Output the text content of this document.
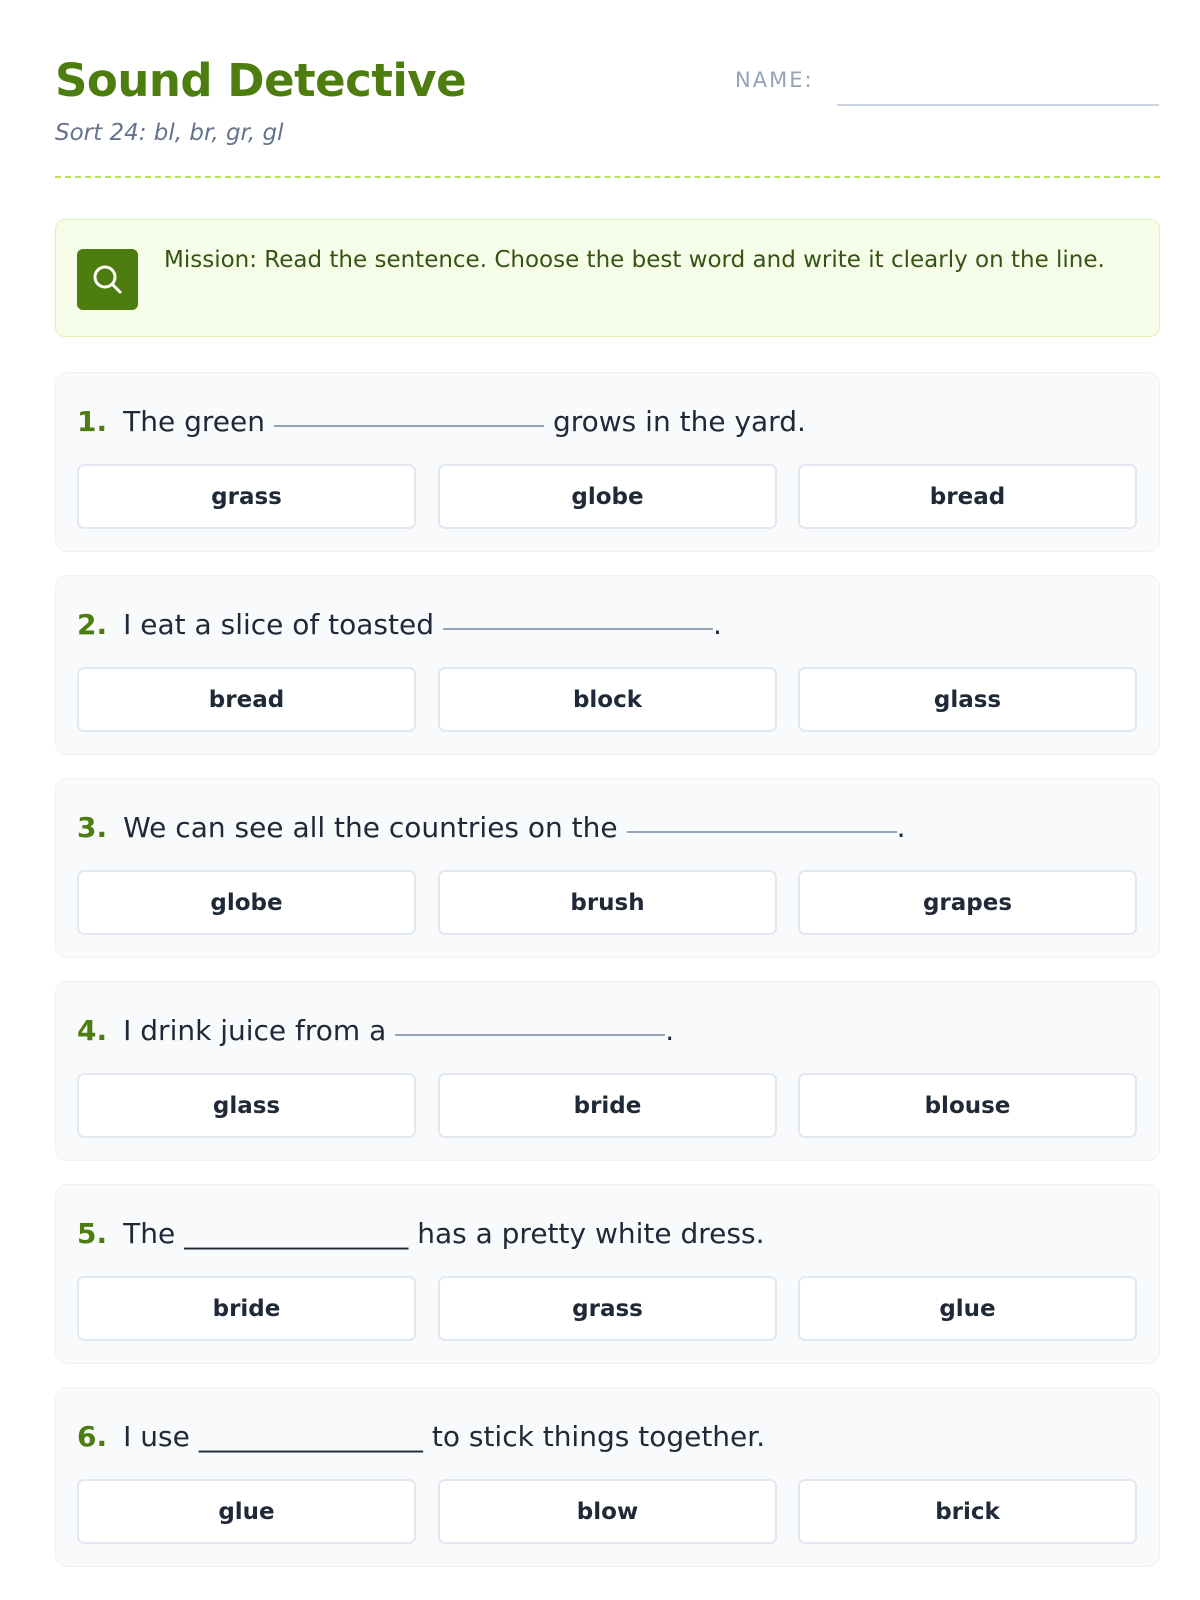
Sound Detective
Sort 24: bl, br, gr, gl
NAME:
Mission: Read the sentence. Choose the best word and write it clearly on the line.
1. The green	grows in the yard.
grass	globe	bread
2. I eat a slice of toasted	.
bread	block	glass
3. We can see all the countries on the	.
globe	brush	grapes
4. I drink juice from a	.
glass	bride	blouse
5. The ________________ has a pretty white dress.
bride	grass	glue
6. I use ________________ to stick things together.
glue	blow	brick
